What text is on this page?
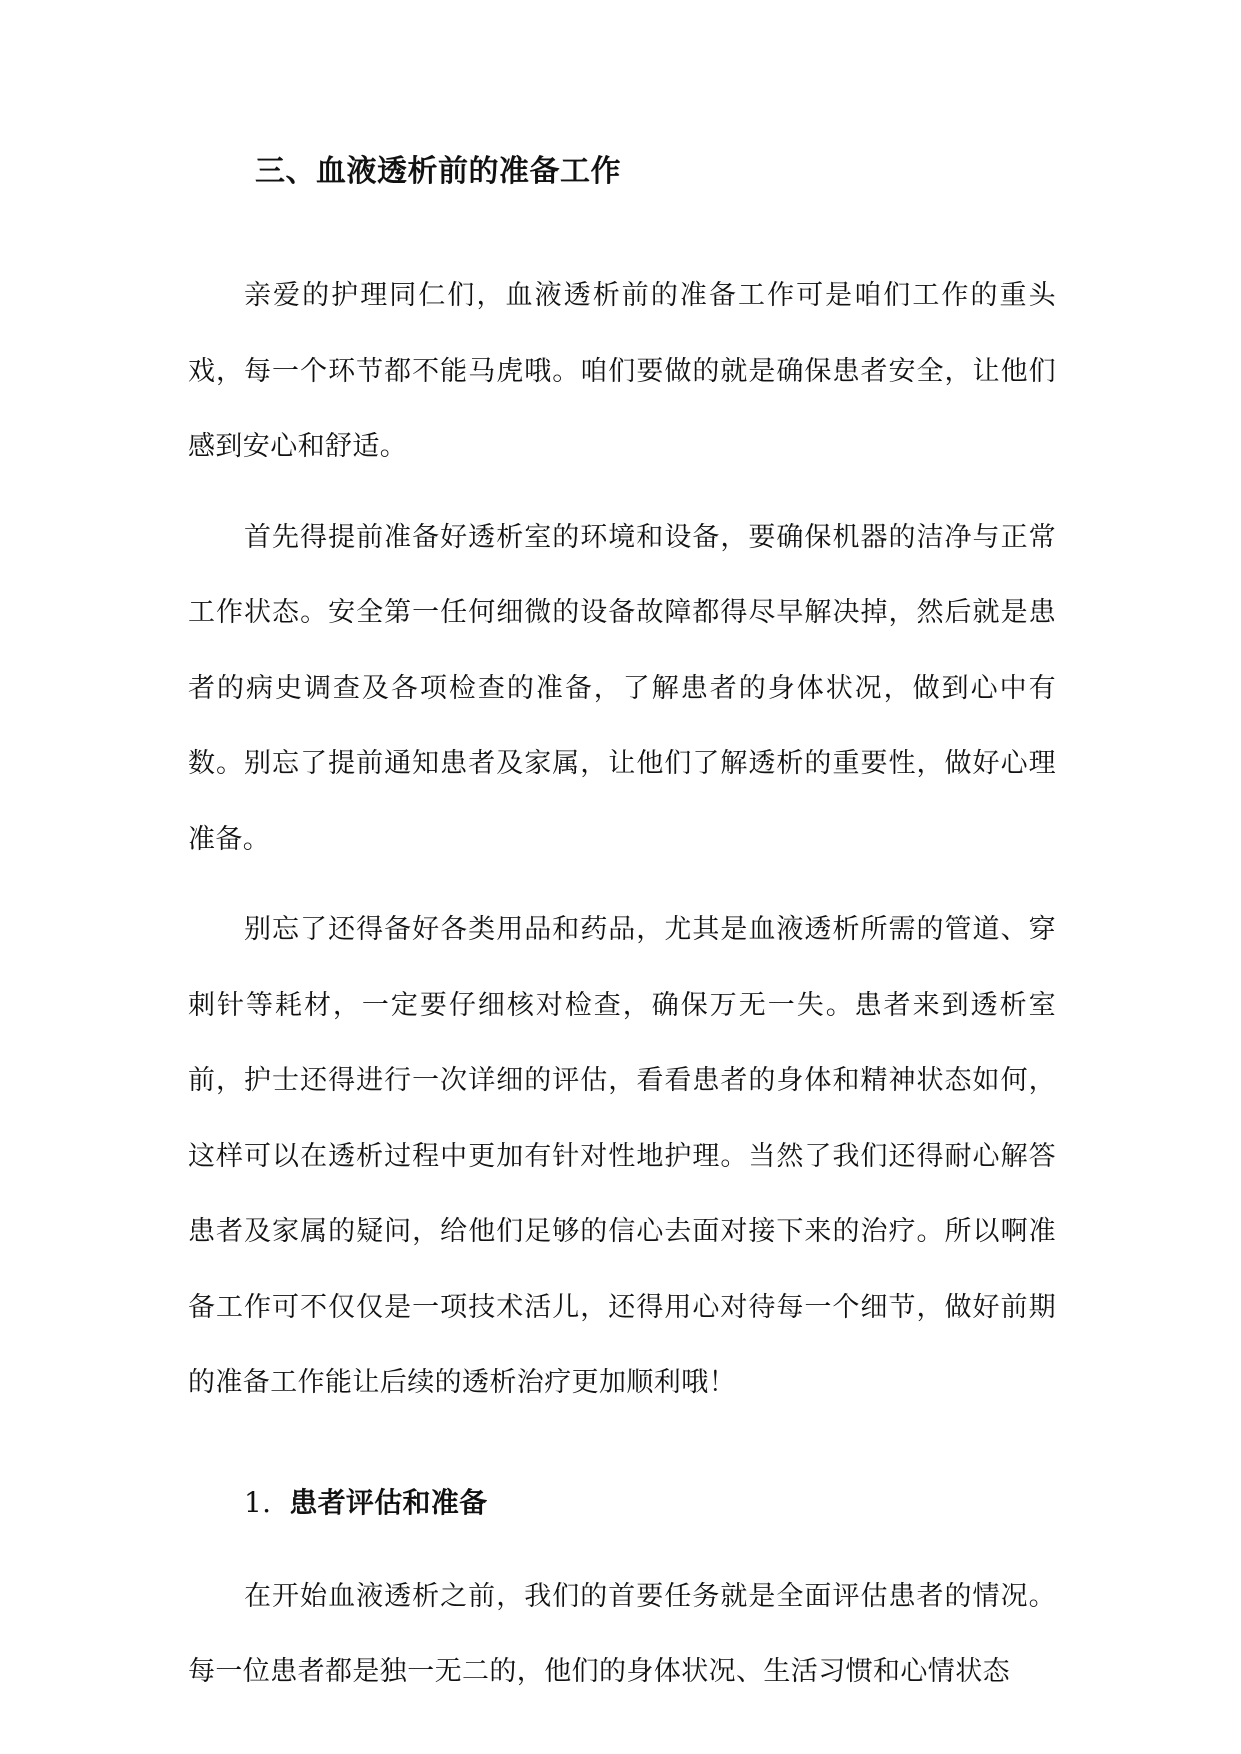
三、血液透析前的准备工作

亲爱的护理同仁们，血液透析前的准备工作可是咱们工作的重头戏，每一个环节都不能马虎哦。咱们要做的就是确保患者安全，让他们感到安心和舒适。

首先得提前准备好透析室的环境和设备，要确保机器的洁净与正常工作状态。安全第一任何细微的设备故障都得尽早解决掉，然后就是患者的病史调查及各项检查的准备，了解患者的身体状况，做到心中有数。别忘了提前通知患者及家属，让他们了解透析的重要性，做好心理准备。

别忘了还得备好各类用品和药品，尤其是血液透析所需的管道、穿刺针等耗材，一定要仔细核对检查，确保万无一失。患者来到透析室前，护士还得进行一次详细的评估，看看患者的身体和精神状态如何，这样可以在透析过程中更加有针对性地护理。当然了我们还得耐心解答患者及家属的疑问，给他们足够的信心去面对接下来的治疗。所以啊准备工作可不仅仅是一项技术活儿，还得用心对待每一个细节，做好前期的准备工作能让后续的透析治疗更加顺利哦！

1. 患者评估和准备

在开始血液透析之前，我们的首要任务就是全面评估患者的情况。每一位患者都是独一无二的，他们的身体状况、生活习惯和心情状态
